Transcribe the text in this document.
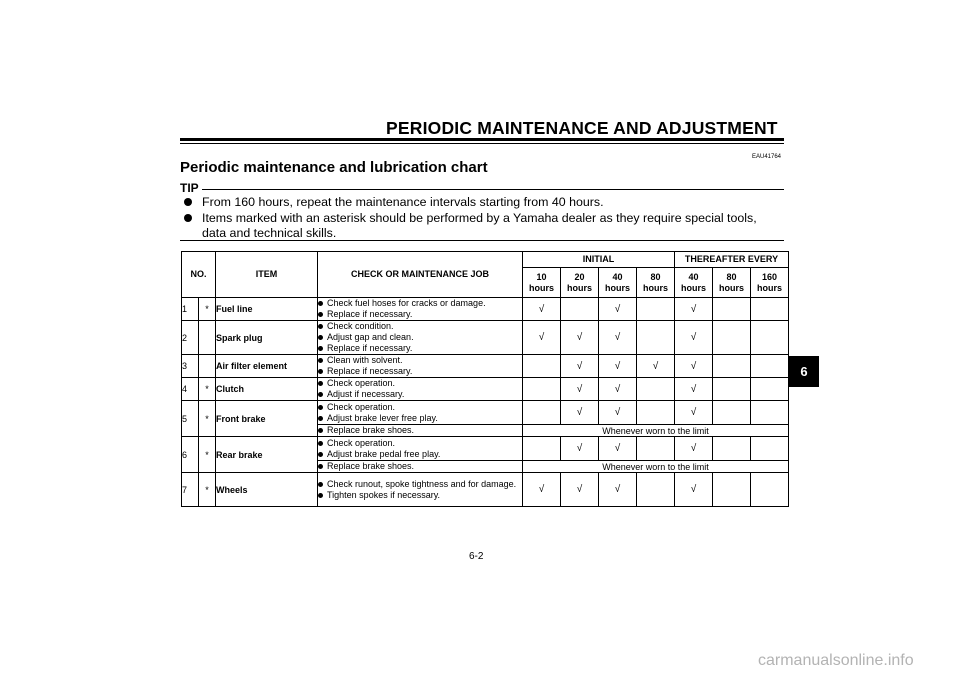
PERIODIC MAINTENANCE AND ADJUSTMENT
EAU41764
Periodic maintenance and lubrication chart
TIP
From 160 hours, repeat the maintenance intervals starting from 40 hours.
Items marked with an asterisk should be performed by a Yamaha dealer as they require special tools, data and technical skills.
NO.		ITEM	CHECK OR MAINTENANCE JOB	INITIAL				THEREAFTER EVERY		
				10 hours	20 hours	40 hours	80 hours	40 hours	80 hours	160 hours
1	*	Fuel line	Check fuel hoses for cracks or damage.
Replace if necessary.	√		√		√		
2		Spark plug	Check condition.
Adjust gap and clean.
Replace if necessary.	√	√	√		√		
3		Air filter element	Clean with solvent.
Replace if necessary.		√	√	√	√		
4	*	Clutch	Check operation.
Adjust if necessary.		√	√		√		
5	*	Front brake	Check operation.
Adjust brake lever free play.		√	√		√		

Replace brake shoes.	Whenever worn to the limit						
6	*	Rear brake	Check operation.
Adjust brake pedal free play.		√	√		√		

Replace brake shoes.	Whenever worn to the limit						
7	*	Wheels	Check runout, spoke tightness and for damage.
Tighten spokes if necessary.	√	√	√		√		
6
6-2
carmanualsonline.info
